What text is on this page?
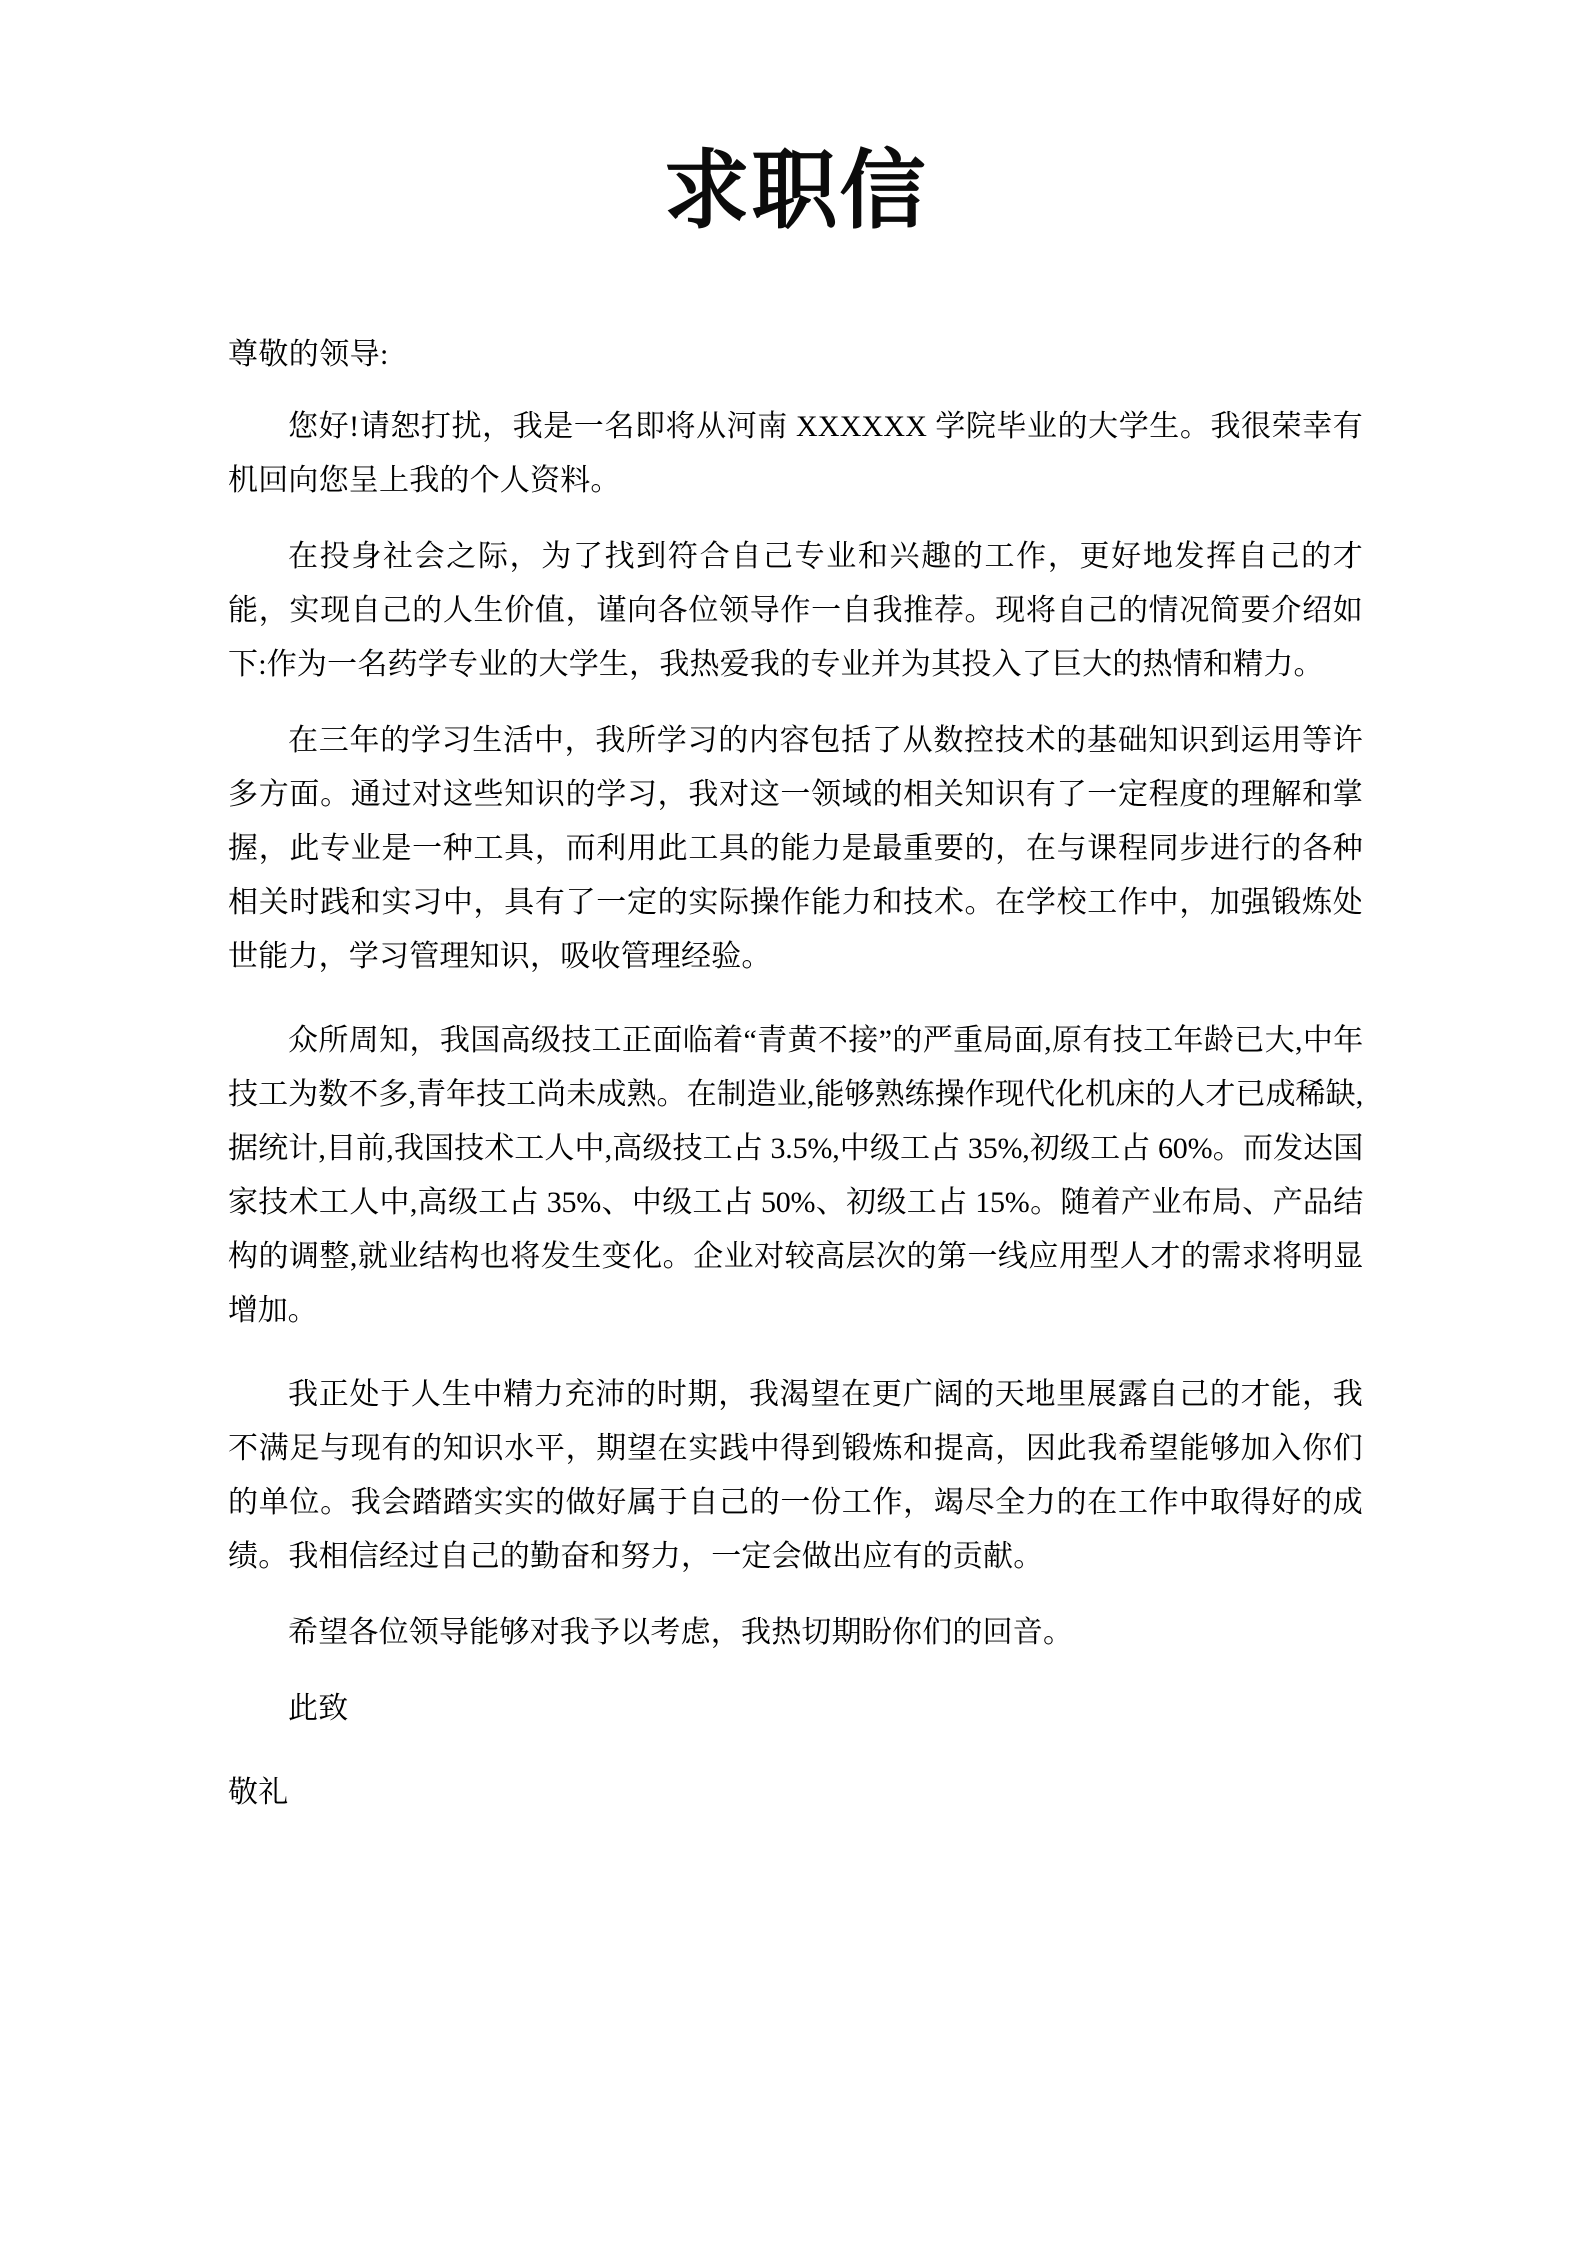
求职信

尊敬的领导:

您好!请恕打扰，我是一名即将从河南 XXXXXX 学院毕业的大学生。我很荣幸有机回向您呈上我的个人资料。

在投身社会之际，为了找到符合自己专业和兴趣的工作，更好地发挥自己的才能，实现自己的人生价值，谨向各位领导作一自我推荐。现将自己的情况简要介绍如下:作为一名药学专业的大学生，我热爱我的专业并为其投入了巨大的热情和精力。

在三年的学习生活中，我所学习的内容包括了从数控技术的基础知识到运用等许多方面。通过对这些知识的学习，我对这一领域的相关知识有了一定程度的理解和掌握，此专业是一种工具，而利用此工具的能力是最重要的，在与课程同步进行的各种相关时践和实习中，具有了一定的实际操作能力和技术。在学校工作中，加强锻炼处世能力，学习管理知识，吸收管理经验。

众所周知，我国高级技工正面临着“青黄不接”的严重局面,原有技工年龄已大,中年技工为数不多,青年技工尚未成熟。在制造业,能够熟练操作现代化机床的人才已成稀缺,据统计,目前,我国技术工人中,高级技工占 3.5%,中级工占 35%,初级工占 60%。而发达国家技术工人中,高级工占 35%、中级工占 50%、初级工占 15%。随着产业布局、产品结构的调整,就业结构也将发生变化。企业对较高层次的第一线应用型人才的需求将明显增加。

我正处于人生中精力充沛的时期，我渴望在更广阔的天地里展露自己的才能，我不满足与现有的知识水平，期望在实践中得到锻炼和提高，因此我希望能够加入你们的单位。我会踏踏实实的做好属于自己的一份工作，竭尽全力的在工作中取得好的成绩。我相信经过自己的勤奋和努力，一定会做出应有的贡献。

希望各位领导能够对我予以考虑，我热切期盼你们的回音。

此致

敬礼
